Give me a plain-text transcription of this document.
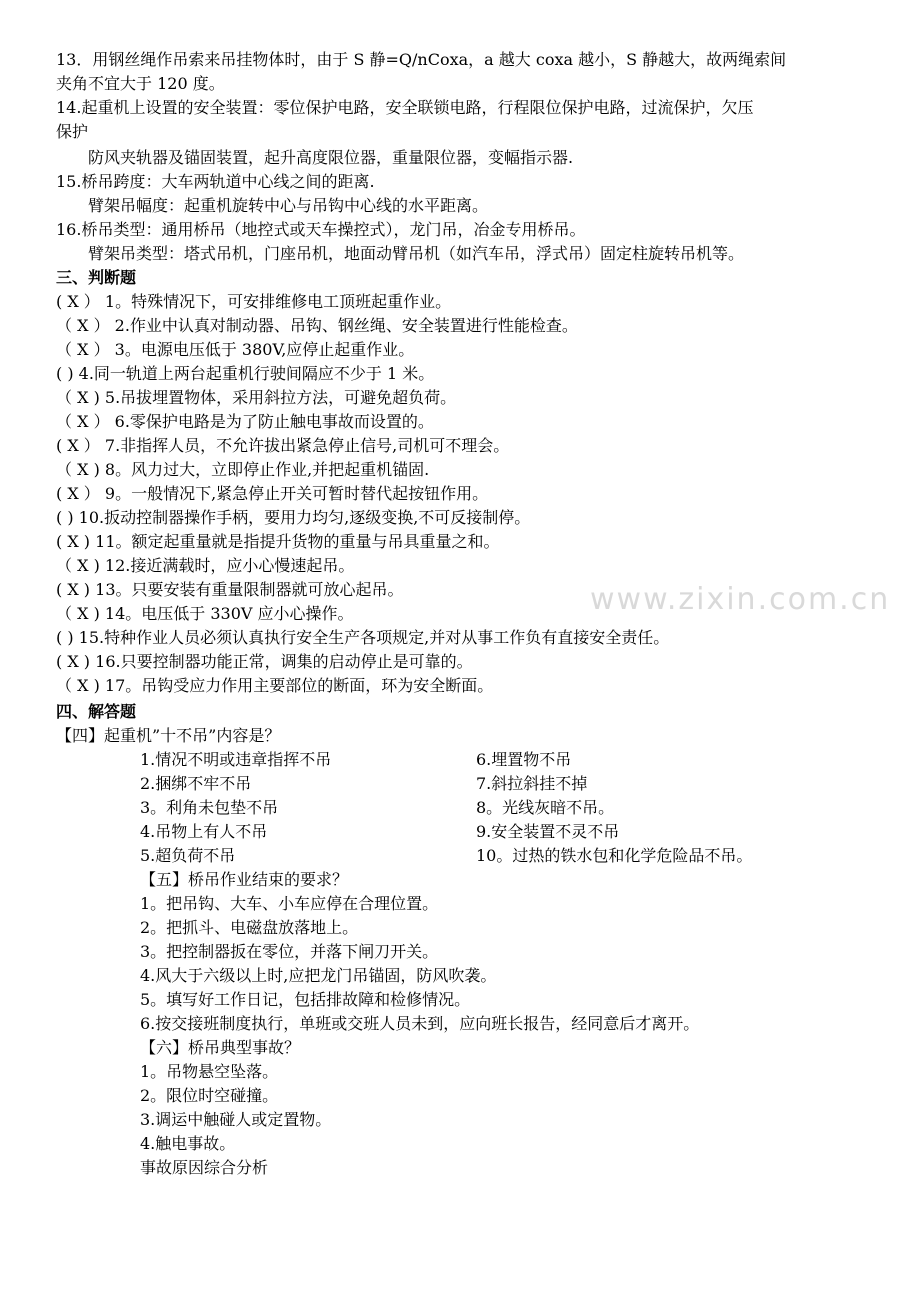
13．用钢丝绳作吊索来吊挂物体时，由于 S 静=Q/nCoxa，a 越大 coxa 越小，S 静越大，故两绳索间
夹角不宜大于 120 度。
14.起重机上设置的安全装置：零位保护电路，安全联锁电路，行程限位保护电路，过流保护，欠压
保护
防风夹轨器及锚固装置，起升高度限位器，重量限位器，变幅指示器.
15.桥吊跨度：大车两轨道中心线之间的距离.
臂架吊幅度：起重机旋转中心与吊钩中心线的水平距离。
16.桥吊类型：通用桥吊（地控式或天车操控式），龙门吊，冶金专用桥吊。
臂架吊类型：塔式吊机，门座吊机，地面动臂吊机（如汽车吊，浮式吊）固定柱旋转吊机等。
三、判断题
( X ） 1。特殊情况下，可安排维修电工顶班起重作业。
（ X ） 2.作业中认真对制动器、吊钩、钢丝绳、安全装置进行性能检查。
（ X ） 3。电源电压低于 380V,应停止起重作业。
( ) 4.同一轨道上两台起重机行驶间隔应不少于 1 米。
（ X ) 5.吊拔埋置物体，采用斜拉方法，可避免超负荷。
（ X ） 6.零保护电路是为了防止触电事故而设置的。
( X ） 7.非指挥人员，不允许拔出紧急停止信号,司机可不理会。
（ X ) 8。风力过大，立即停止作业,并把起重机锚固.
( X ） 9。一般情况下,紧急停止开关可暂时替代起按钮作用。
( ) 10.扳动控制器操作手柄，要用力均匀,逐级变换,不可反接制停。
( X ) 11。额定起重量就是指提升货物的重量与吊具重量之和。
（ X ) 12.接近满载时，应小心慢速起吊。
( X ) 13。只要安装有重量限制器就可放心起吊。
（ X ) 14。电压低于 330V 应小心操作。
( ) 15.特种作业人员必须认真执行安全生产各项规定,并对从事工作负有直接安全责任。
( X ) 16.只要控制器功能正常，调集的启动停止是可靠的。
（ X ) 17。吊钩受应力作用主要部位的断面，环为安全断面。
四、解答题
【四】起重机”十不吊”内容是？
1.情况不明或违章指挥不吊
2.捆绑不牢不吊
3。利角未包垫不吊
4.吊物上有人不吊
5.超负荷不吊
6.埋置物不吊
7.斜拉斜挂不掉
8。光线灰暗不吊。
9.安全装置不灵不吊
10。过热的铁水包和化学危险品不吊。
【五】桥吊作业结束的要求？
1。把吊钩、大车、小车应停在合理位置。
2。把抓斗、电磁盘放落地上。
3。把控制器扳在零位，并落下闸刀开关。
4.风大于六级以上时,应把龙门吊锚固，防风吹袭。
5。填写好工作日记，包括排故障和检修情况。
6.按交接班制度执行，单班或交班人员未到，应向班长报告，经同意后才离开。
【六】桥吊典型事故？
1。吊物悬空坠落。
2。限位时空碰撞。
3.调运中触碰人或定置物。
4.触电事故。
事故原因综合分析
www.zixin.com.cn
